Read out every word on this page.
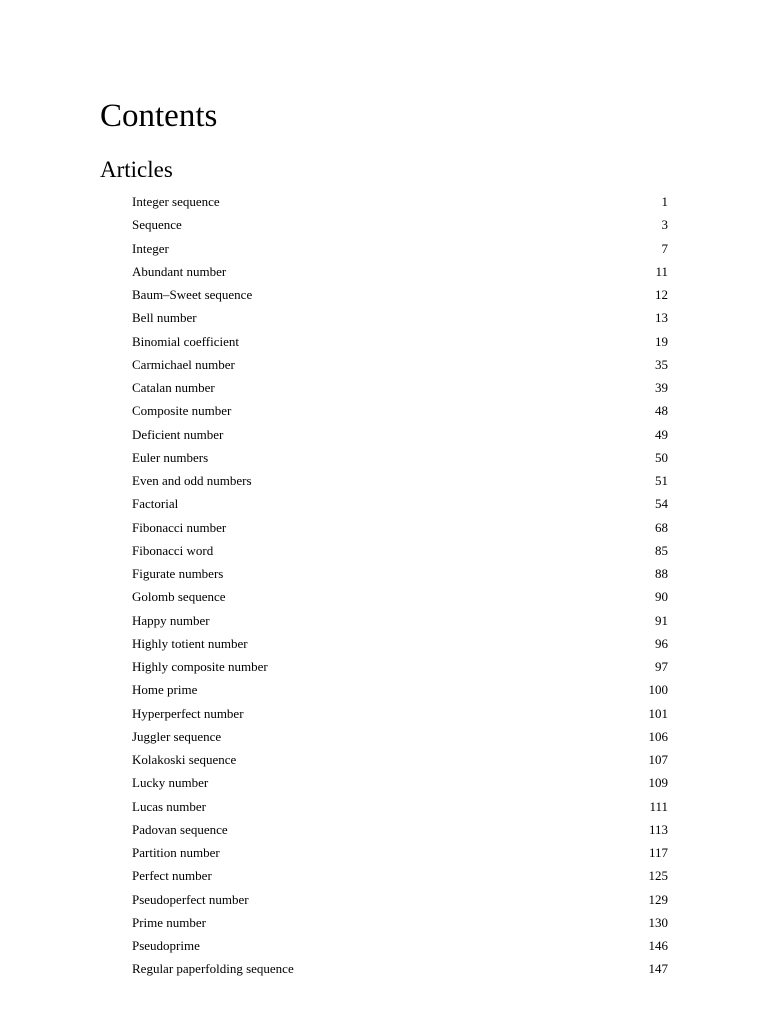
Contents
Articles
Integer sequence	1
Sequence	3
Integer	7
Abundant number	11
Baum–Sweet sequence	12
Bell number	13
Binomial coefficient	19
Carmichael number	35
Catalan number	39
Composite number	48
Deficient number	49
Euler numbers	50
Even and odd numbers	51
Factorial	54
Fibonacci number	68
Fibonacci word	85
Figurate numbers	88
Golomb sequence	90
Happy number	91
Highly totient number	96
Highly composite number	97
Home prime	100
Hyperperfect number	101
Juggler sequence	106
Kolakoski sequence	107
Lucky number	109
Lucas number	111
Padovan sequence	113
Partition number	117
Perfect number	125
Pseudoperfect number	129
Prime number	130
Pseudoprime	146
Regular paperfolding sequence	147
